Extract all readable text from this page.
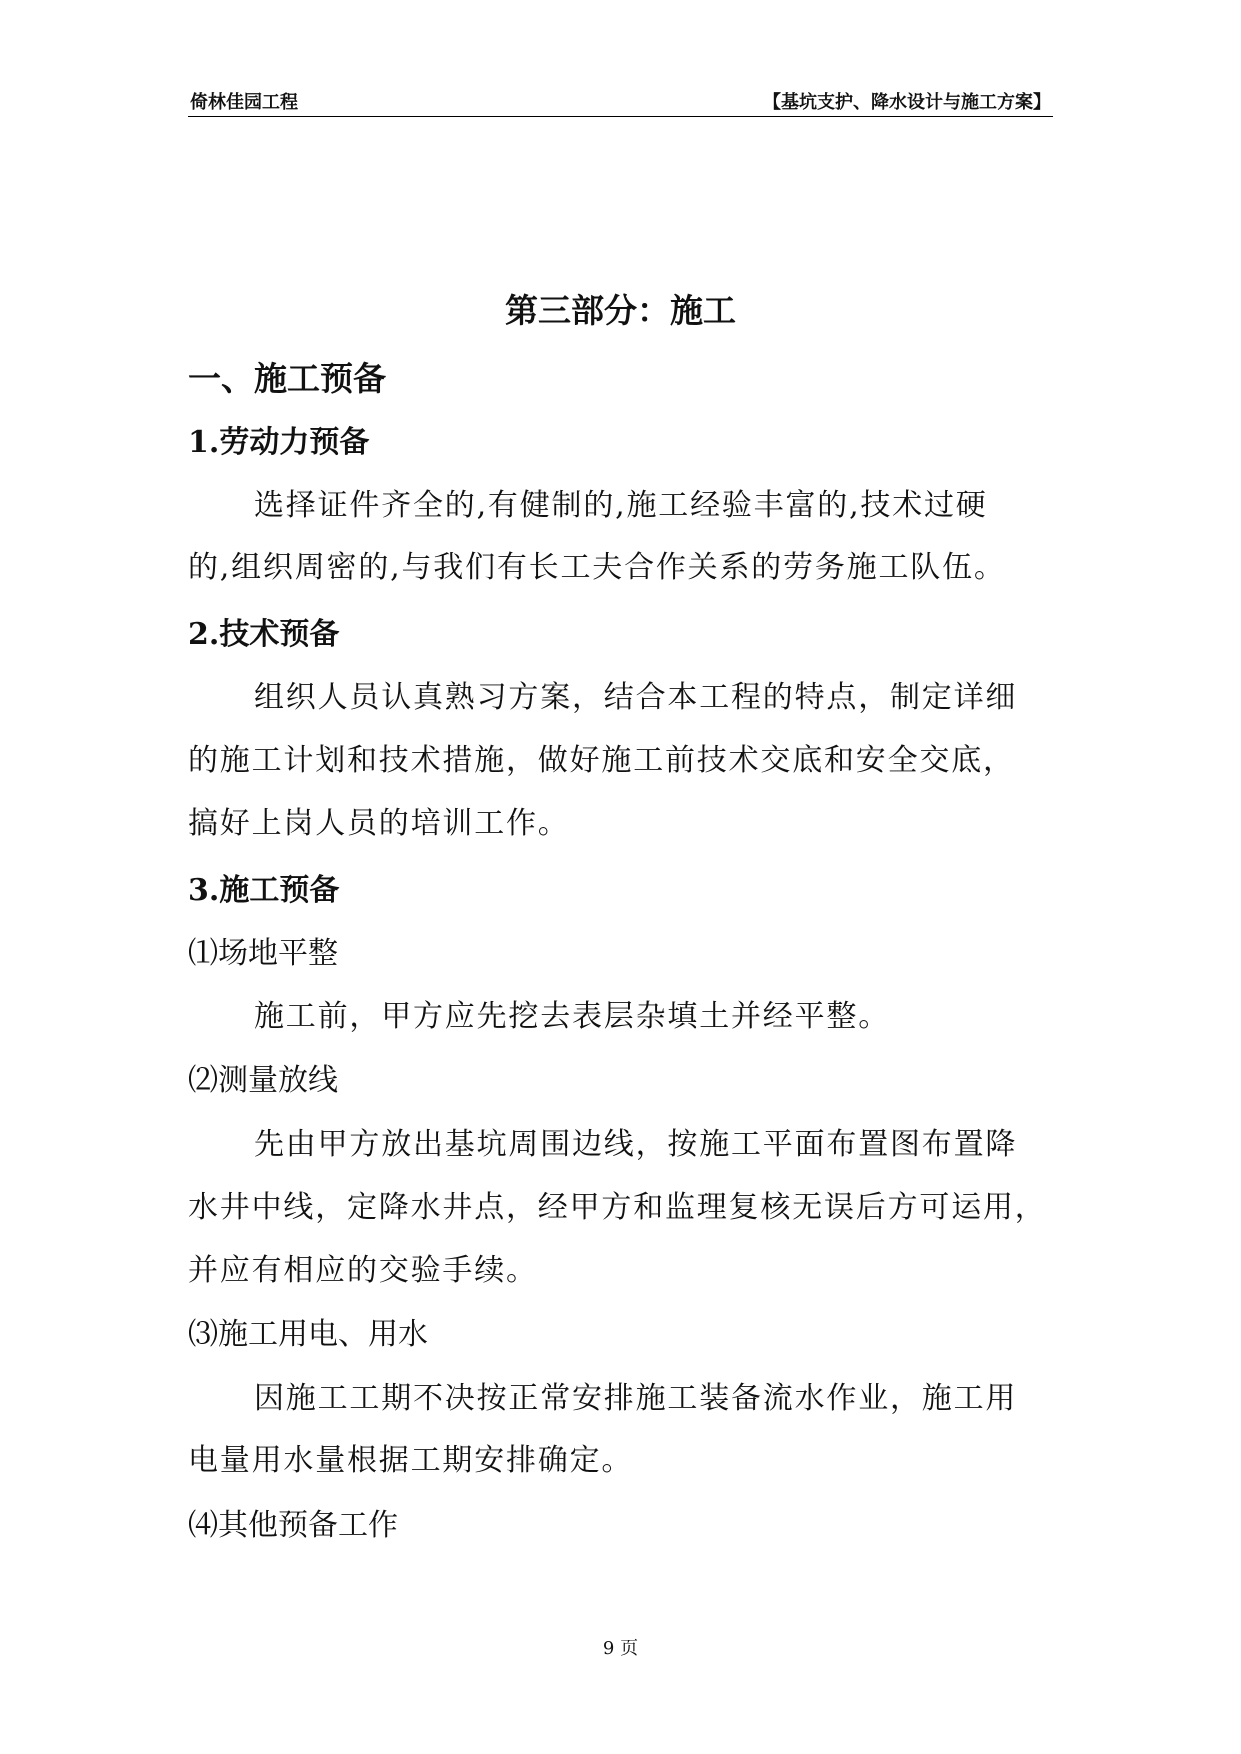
倚林佳园工程	【基坑支护、降水设计与施工方案】
第三部分：施工
一、施工预备
1.劳动力预备
选择证件齐全的,有健制的,施工经验丰富的,技术过硬
的,组织周密的,与我们有长工夫合作关系的劳务施工队伍。
2.技术预备
组织人员认真熟习方案，结合本工程的特点，制定详细
的施工计划和技术措施，做好施工前技术交底和安全交底，
搞好上岗人员的培训工作。
3.施工预备
⑴场地平整
施工前，甲方应先挖去表层杂填土并经平整。
⑵测量放线
先由甲方放出基坑周围边线，按施工平面布置图布置降
水井中线，定降水井点，经甲方和监理复核无误后方可运用，
并应有相应的交验手续。
⑶施工用电、用水
因施工工期不决按正常安排施工装备流水作业，施工用
电量用水量根据工期安排确定。
⑷其他预备工作
9 页
